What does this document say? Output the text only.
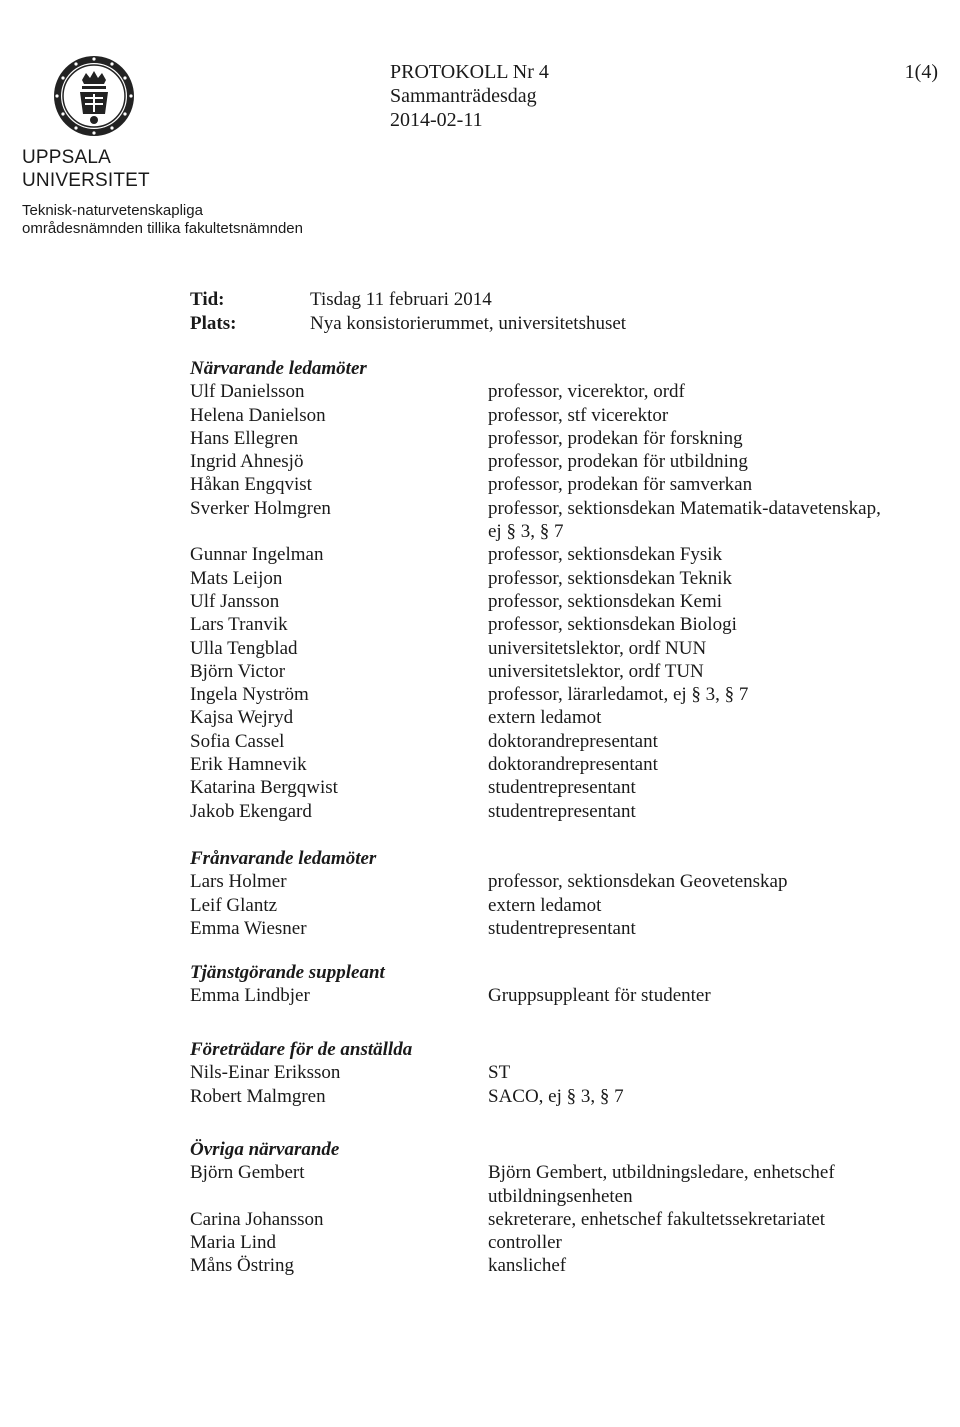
UPPSALA
UNIVERSITET
Teknisk-naturvetenskapliga
områdesnämnden tillika fakultetsnämnden
PROTOKOLL Nr 4
Sammanträdesdag
2014-02-11
1(4)
Tid:	Tisdag 11 februari 2014
Plats:	Nya konsistorierummet, universitetshuset
Närvarande ledamöter
Ulf Danielsson	professor, vicerektor, ordf
Helena Danielson	professor, stf vicerektor
Hans Ellegren	professor, prodekan för forskning
Ingrid Ahnesjö	professor, prodekan för utbildning
Håkan Engqvist	professor, prodekan för samverkan
Sverker Holmgren	professor, sektionsdekan Matematik-datavetenskap,
ej § 3, § 7
Gunnar Ingelman	professor, sektionsdekan Fysik
Mats Leijon	professor, sektionsdekan Teknik
Ulf Jansson	professor, sektionsdekan Kemi
Lars Tranvik	professor, sektionsdekan Biologi
Ulla Tengblad	universitetslektor, ordf NUN
Björn Victor	universitetslektor, ordf TUN
Ingela Nyström	professor, lärarledamot, ej § 3, § 7
Kajsa Wejryd	extern ledamot
Sofia Cassel	doktorandrepresentant
Erik Hamnevik	doktorandrepresentant
Katarina Bergqwist	studentrepresentant
Jakob Ekengard	studentrepresentant
Frånvarande ledamöter
Lars Holmer	professor, sektionsdekan Geovetenskap
Leif Glantz	extern ledamot
Emma Wiesner	studentrepresentant
Tjänstgörande suppleant
Emma Lindbjer	Gruppsuppleant för studenter
Företrädare för de anställda
Nils-Einar Eriksson	ST
Robert Malmgren	SACO, ej § 3, § 7
Övriga närvarande
Björn Gembert	Björn Gembert, utbildningsledare, enhetschef
utbildningsenheten
Carina Johansson	sekreterare, enhetschef fakultetssekretariatet
Maria Lind	controller
Måns Östring	kanslichef
